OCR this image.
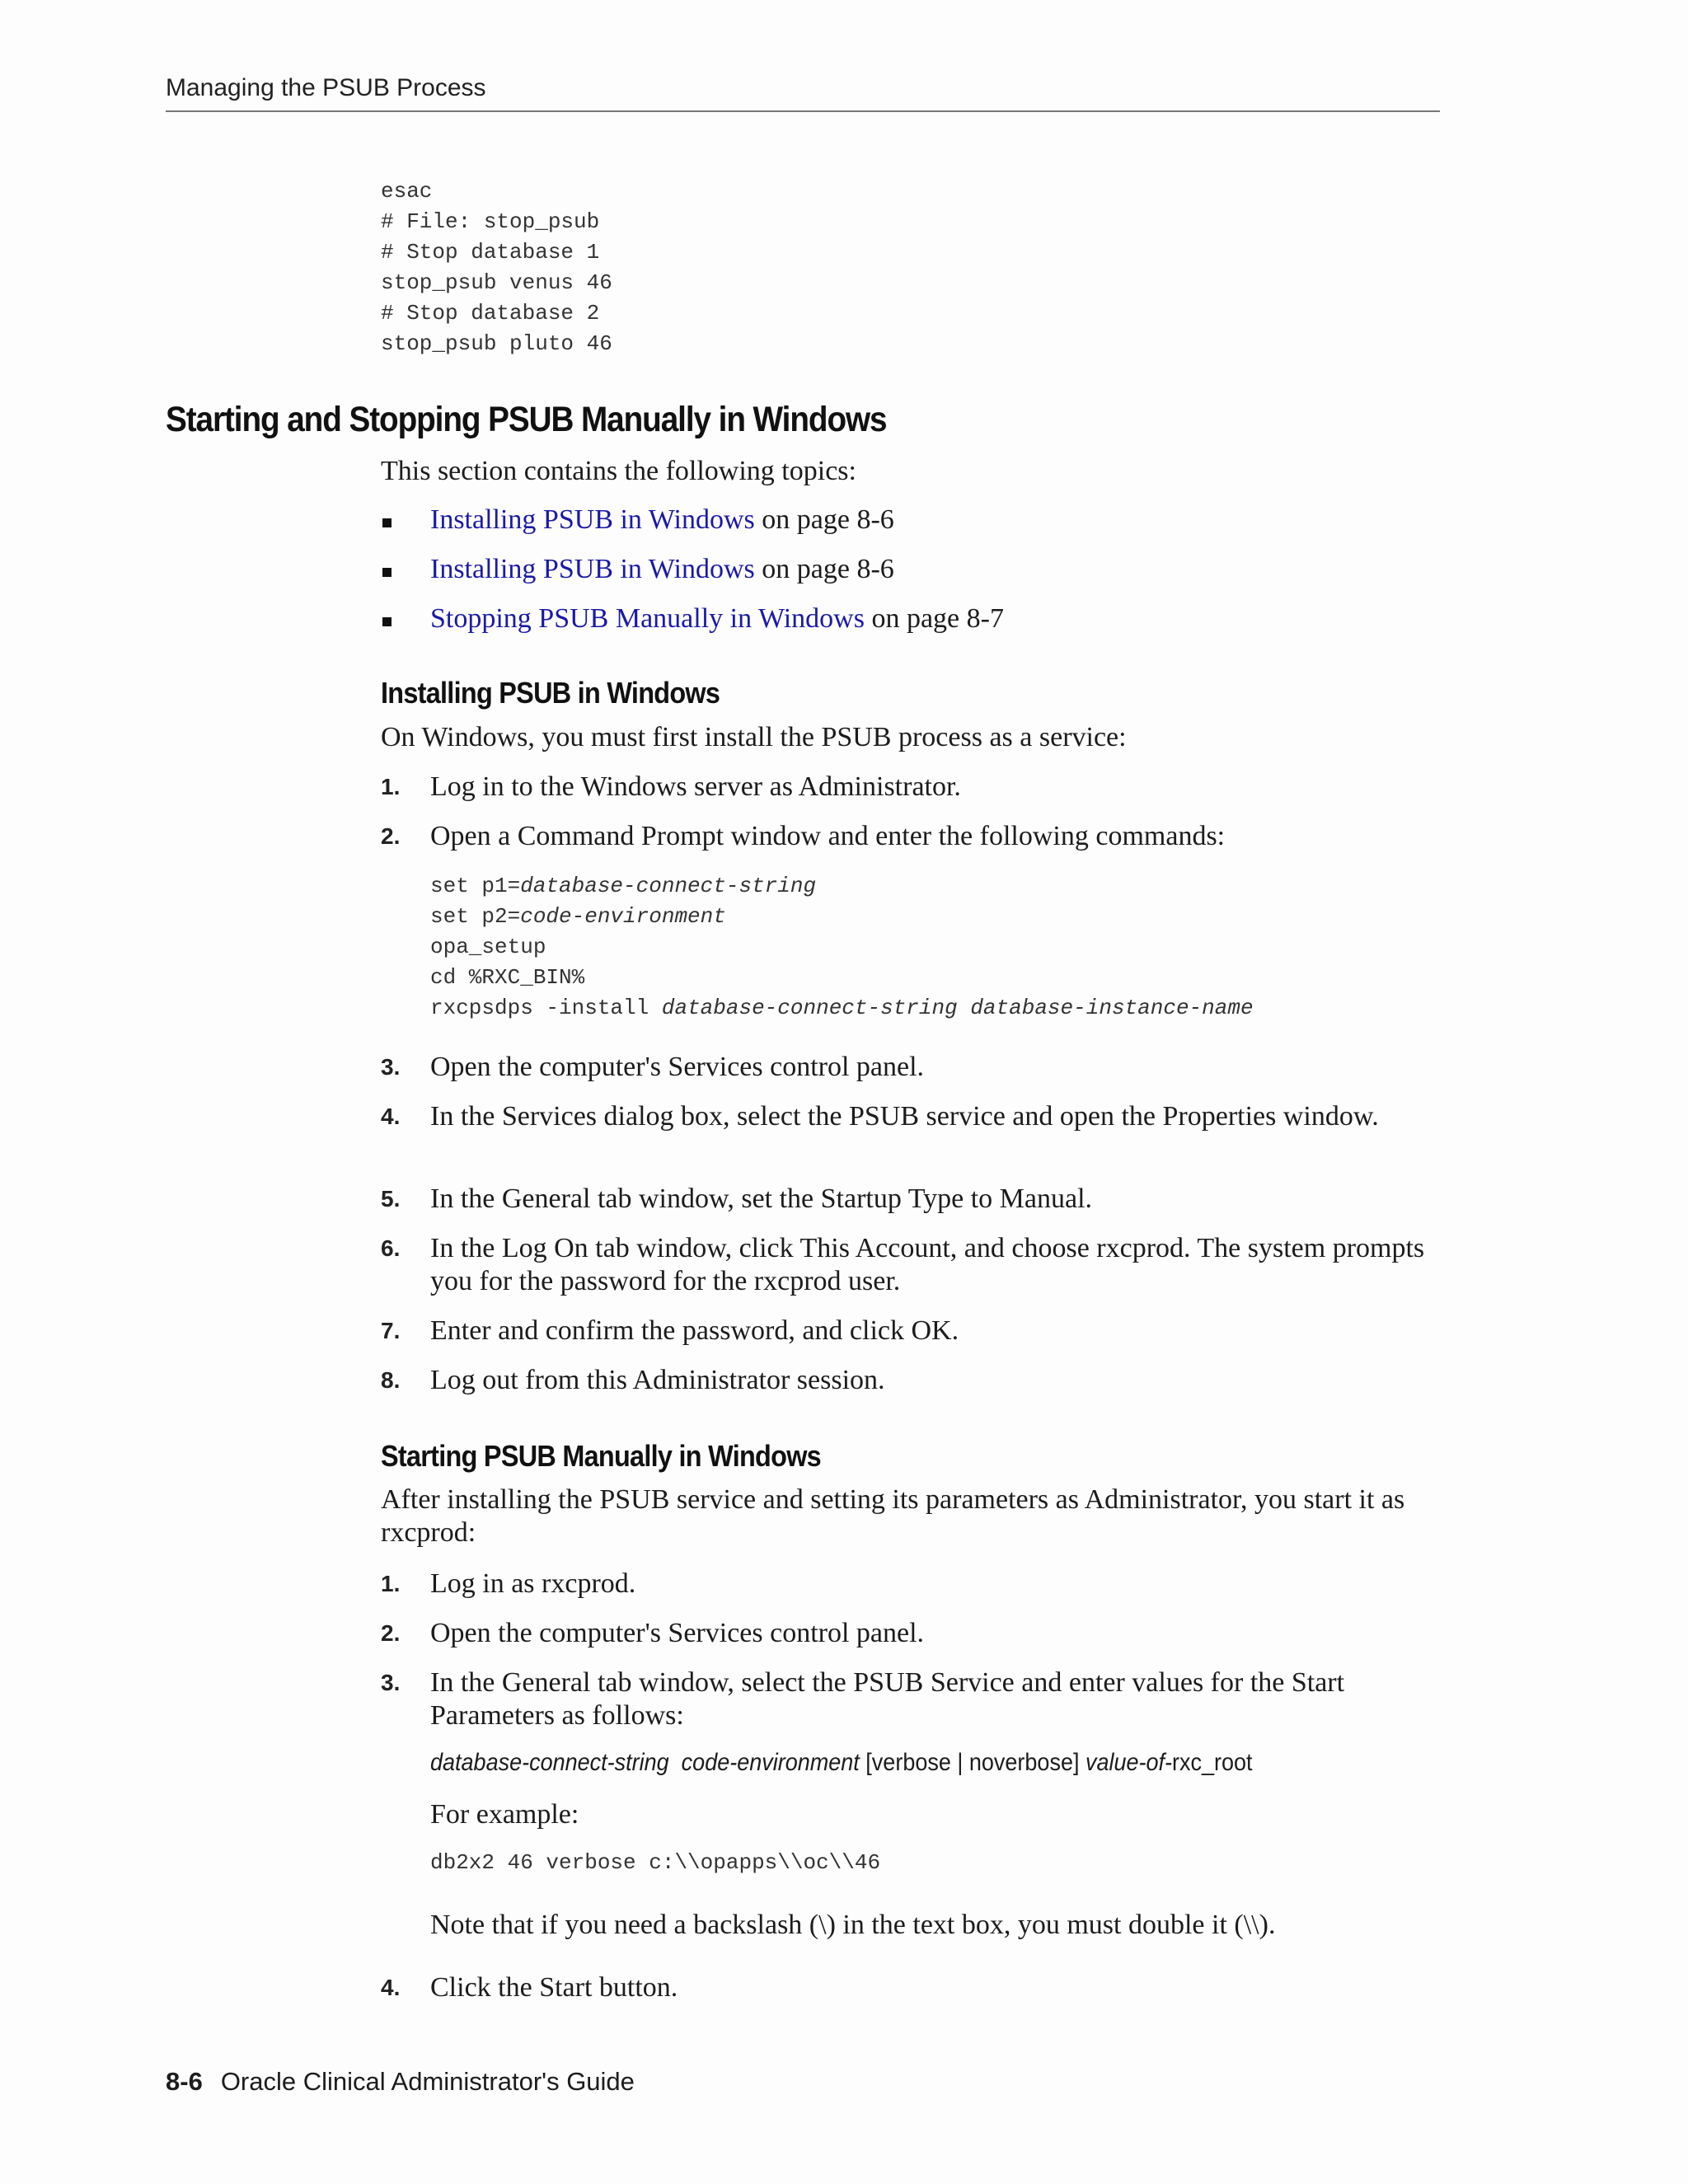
Managing the PSUB Process
esac
# File: stop_psub
# Stop database 1
stop_psub venus 46
# Stop database 2
stop_psub pluto 46
Starting and Stopping PSUB Manually in Windows

This section contains the following topics:

Installing PSUB in Windows on page 8-6
Installing PSUB in Windows on page 8-6
Stopping PSUB Manually in Windows on page 8-7
Installing PSUB in Windows

On Windows, you must first install the PSUB process as a service:

1. Log in to the Windows server as Administrator.
2. Open a Command Prompt window and enter the following commands:
3. Open the computer's Services control panel.
4. In the Services dialog box, select the PSUB service and open the Properties window.
5. In the General tab window, set the Startup Type to Manual.
6. In the Log On tab window, click This Account, and choose rxcprod. The system prompts you for the password for the rxcprod user.
7. Enter and confirm the password, and click OK.
8. Log out from this Administrator session.
set p1=database-connect-string
set p2=code-environment
opa_setup
cd %RXC_BIN%
rxcpsdps -install database-connect-string database-instance-name
Starting PSUB Manually in Windows

After installing the PSUB service and setting its parameters as Administrator, you start it as rxcprod:

1. Log in as rxcprod.
2. Open the computer's Services control panel.
3. In the General tab window, select the PSUB Service and enter values for the Start Parameters as follows:
4. Click the Start button.

database-connect-string code-environment [verbose | noverbose] value-of-rxc_root

For example:

db2x2 46 verbose c:\\opapps\\oc\\46

Note that if you need a backslash (\) in the text box, you must double it (\\).

8-6 Oracle Clinical Administrator's Guide
